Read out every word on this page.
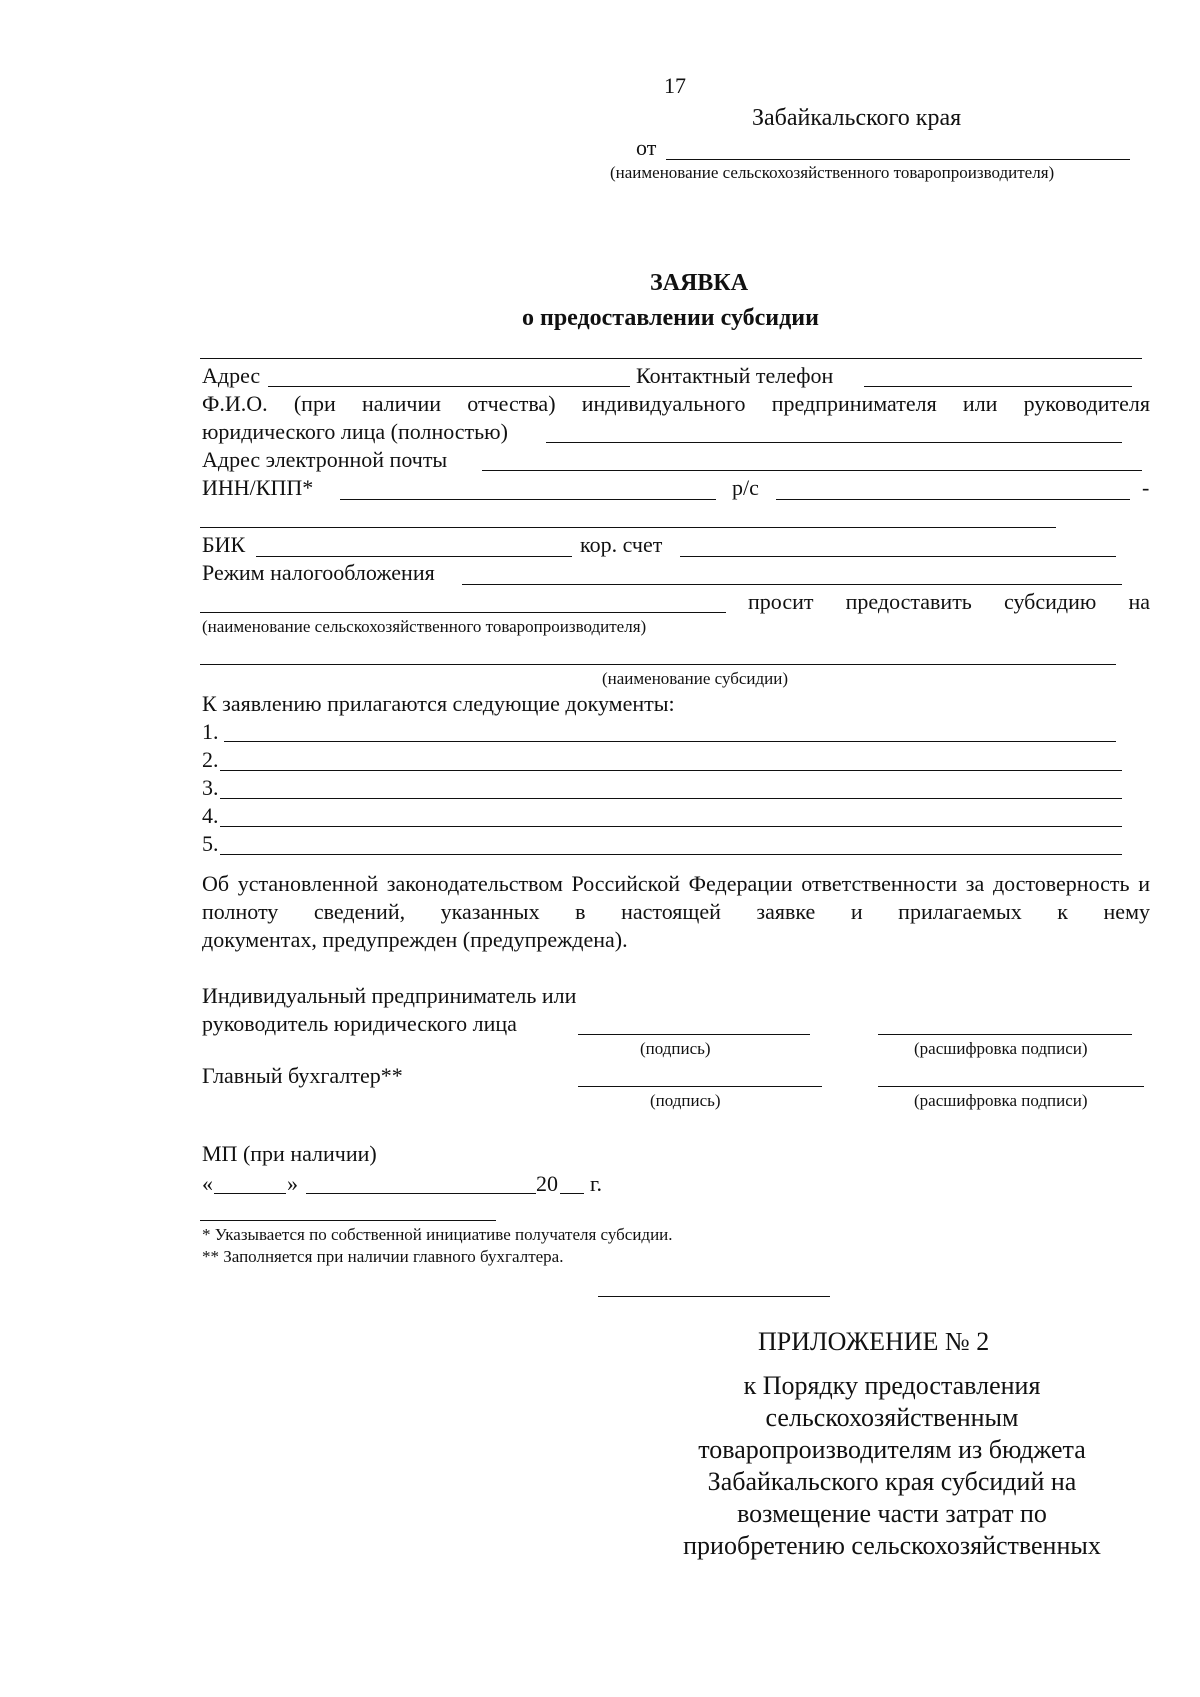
17
Забайкальского края
от
(наименование сельскохозяйственного товаропроизводителя)
ЗАЯВКА
о предоставлении субсидии
Адрес	Контактный телефон
Ф.И.О. (при наличии отчества) индивидуального предпринимателя или руководителя
юридического лица (полностью)
Адрес электронной почты
ИНН/КПП*	р/с	-
БИК	кор. счет
Режим налогообложения
просит предоставить субсидию на
(наименование сельскохозяйственного товаропроизводителя)
(наименование субсидии)
К заявлению прилагаются следующие документы:
1.
2.
3.
4.
5.
Об установленной законодательством Российской Федерации ответственности за достоверность и полноту сведений, указанных в настоящей заявке и прилагаемых к нему
документах, предупрежден (предупреждена).
Индивидуальный предприниматель или
руководитель юридического лица
(подпись)	(расшифровка подписи)
Главный бухгалтер**
(подпись)	(расшифровка подписи)
МП (при наличии)
«	»	20 г.
* Указывается по собственной инициативе получателя субсидии.
** Заполняется при наличии главного бухгалтера.
ПРИЛОЖЕНИЕ № 2
к Порядку предоставления
сельскохозяйственным
товаропроизводителям из бюджета
Забайкальского края субсидий на
возмещение части затрат по
приобретению сельскохозяйственных
